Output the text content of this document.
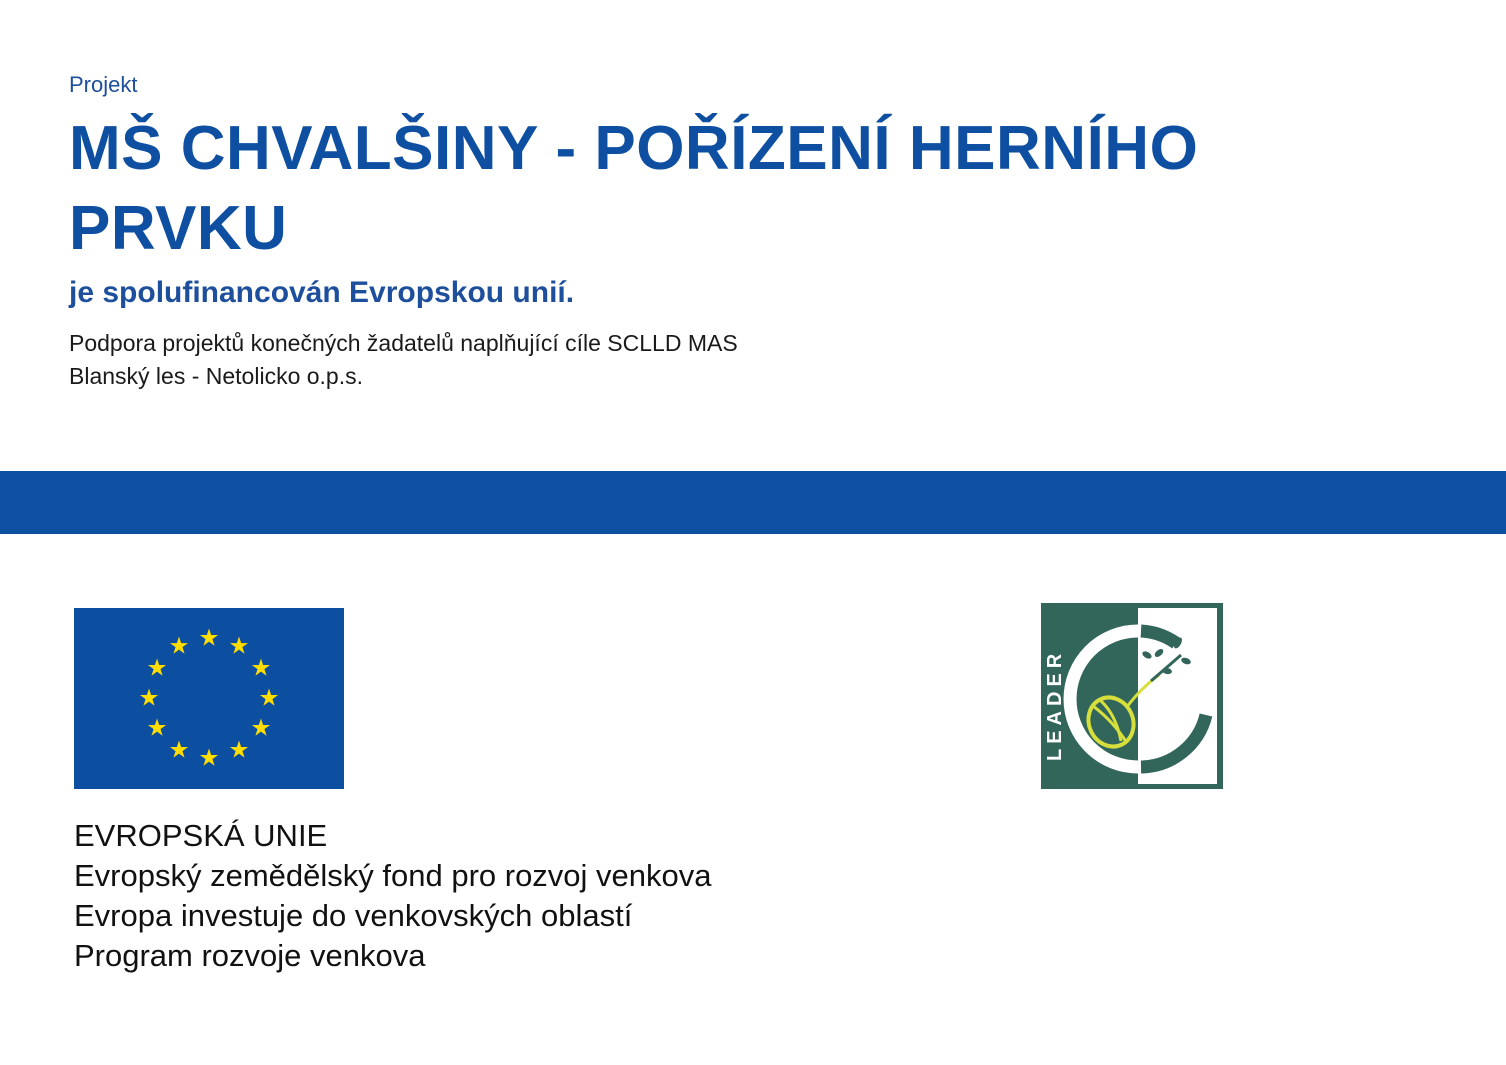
Projekt
MŠ CHVALŠINY - POŘÍZENÍ HERNÍHO
PRVKU
je spolufinancován Evropskou unií.
Podpora projektů konečných žadatelů naplňující cíle SCLLD MAS
Blanský les - Netolicko o.p.s.
EVROPSKÁ UNIE
Evropský zemědělský fond pro rozvoj venkova
Evropa investuje do venkovských oblastí
Program rozvoje venkova
LEADER
